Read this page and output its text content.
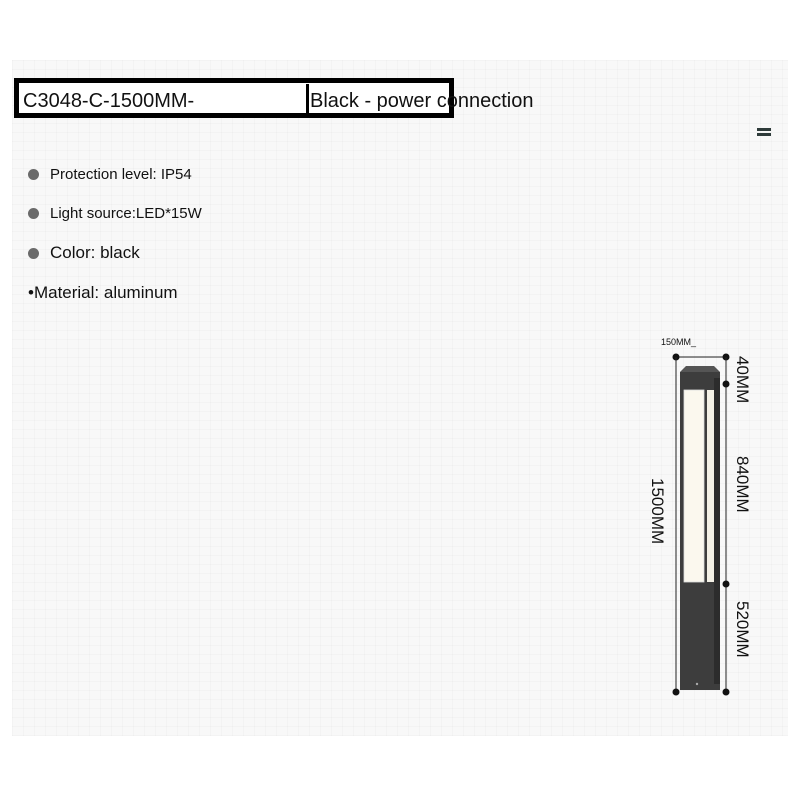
C3048-C-1500MM-	Black - power connection
Protection level: IP54
Light source:LED*15W
Color: black
•Material: aluminum
150MM_
1500MM
40MM
840MM
520MM
